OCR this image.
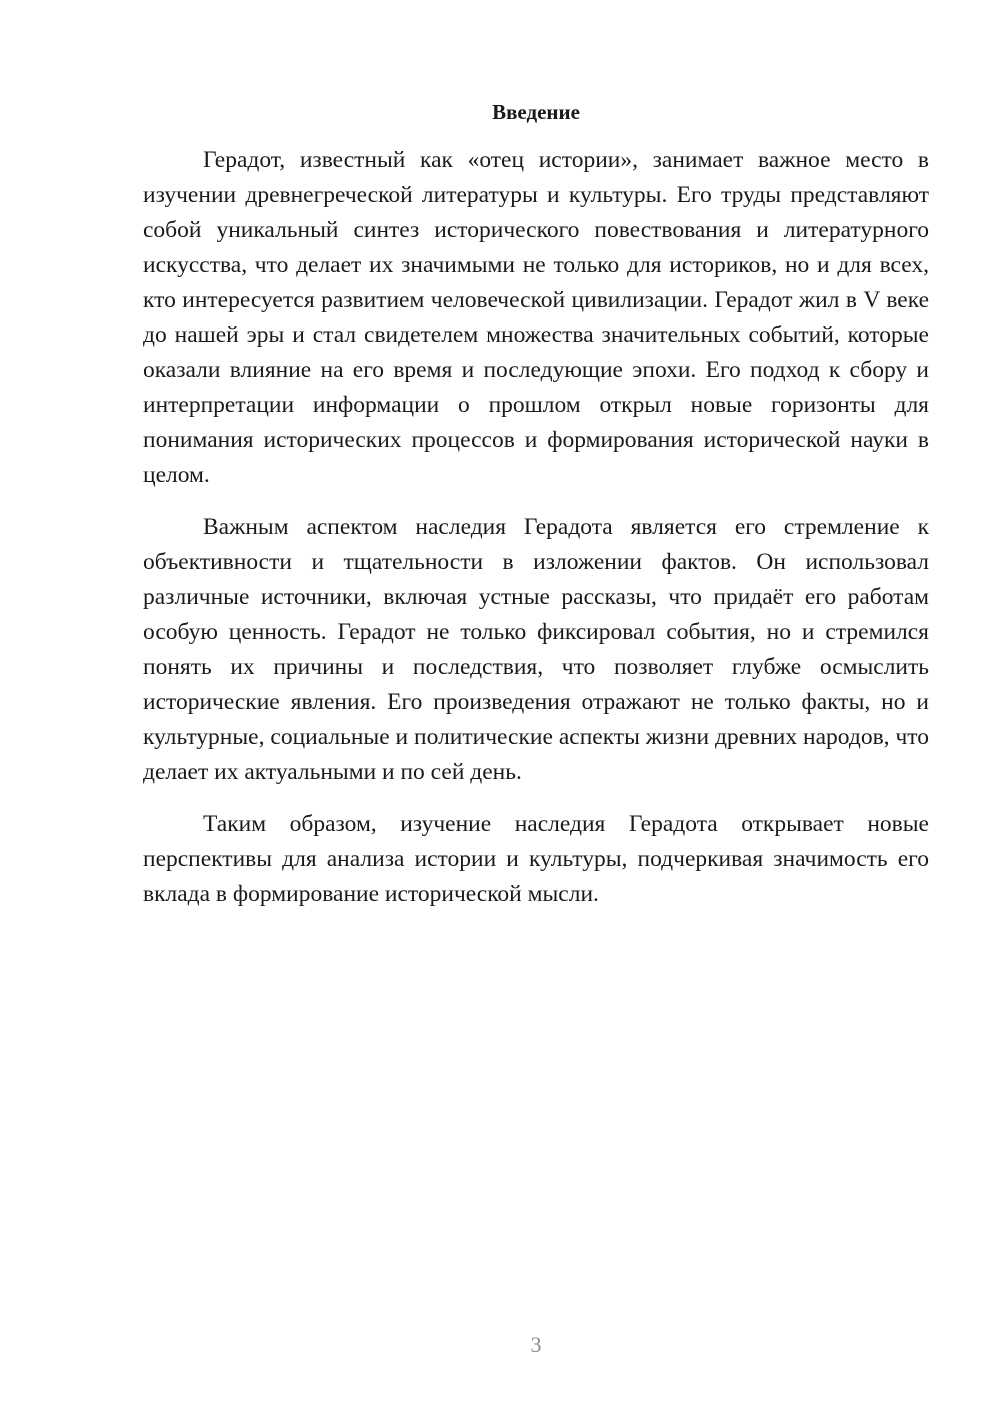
Введение

Герадот, известный как «отец истории», занимает важное место в изучении древнегреческой литературы и культуры. Его труды представляют собой уникальный синтез исторического повествования и литературного искусства, что делает их значимыми не только для историков, но и для всех, кто интересуется развитием человеческой цивилизации. Герадот жил в V веке до нашей эры и стал свидетелем множества значительных событий, которые оказали влияние на его время и последующие эпохи. Его подход к сбору и интерпретации информации о прошлом открыл новые горизонты для понимания исторических процессов и формирования исторической науки в целом.

Важным аспектом наследия Герадота является его стремление к объективности и тщательности в изложении фактов. Он использовал различные источники, включая устные рассказы, что придаёт его работам особую ценность. Герадот не только фиксировал события, но и стремился понять их причины и последствия, что позволяет глубже осмыслить исторические явления. Его произведения отражают не только факты, но и культурные, социальные и политические аспекты жизни древних народов, что делает их актуальными и по сей день.

Таким образом, изучение наследия Герадота открывает новые перспективы для анализа истории и культуры, подчеркивая значимость его вклада в формирование исторической мысли.

3
